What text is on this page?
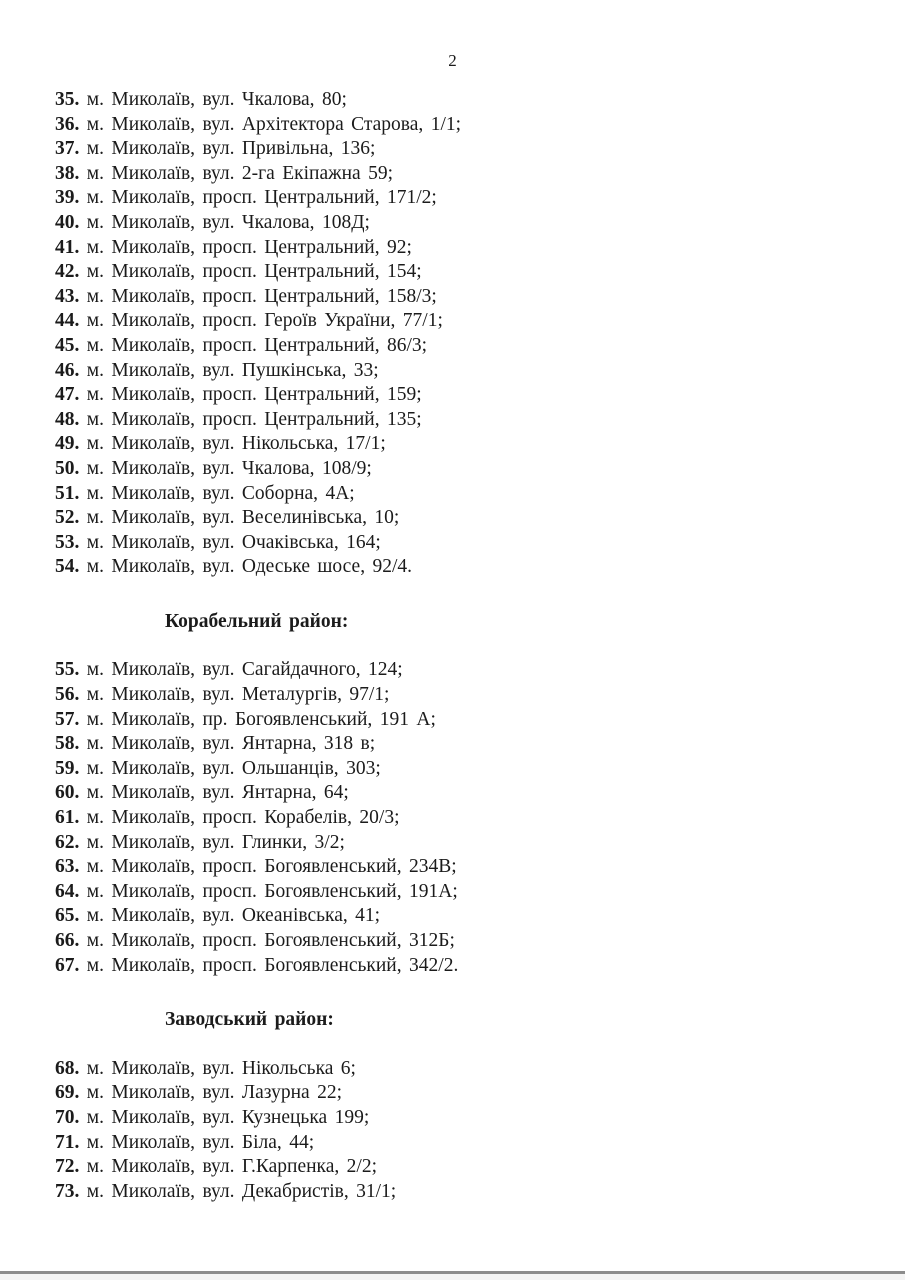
2

35. м. Миколаїв, вул. Чкалова, 80;

36. м. Миколаїв, вул. Архітектора Старова, 1/1;

37. м. Миколаїв, вул. Привільна, 136;

38. м. Миколаїв, вул. 2-га Екіпажна 59;

39. м. Миколаїв, просп. Центральний, 171/2;

40. м. Миколаїв, вул. Чкалова, 108Д;

41. м. Миколаїв, просп. Центральний, 92;

42. м. Миколаїв, просп. Центральний, 154;

43. м. Миколаїв, просп. Центральний, 158/3;

44. м. Миколаїв, просп. Героїв України, 77/1;

45. м. Миколаїв, просп. Центральний, 86/3;

46. м. Миколаїв, вул. Пушкінська, 33;

47. м. Миколаїв, просп. Центральний, 159;

48. м. Миколаїв, просп. Центральний, 135;

49. м. Миколаїв, вул. Нікольська, 17/1;

50. м. Миколаїв, вул. Чкалова, 108/9;

51. м. Миколаїв, вул. Соборна, 4А;

52. м. Миколаїв, вул. Веселинівська, 10;

53. м. Миколаїв, вул. Очаківська, 164;

54. м. Миколаїв, вул. Одеське шосе, 92/4.

Корабельний район:

55. м. Миколаїв, вул. Сагайдачного, 124;

56. м. Миколаїв, вул. Металургів, 97/1;

57. м. Миколаїв, пр. Богоявленський, 191 А;

58. м. Миколаїв, вул. Янтарна, 318 в;

59. м. Миколаїв, вул. Ольшанців, 303;

60. м. Миколаїв, вул. Янтарна, 64;

61. м. Миколаїв, просп. Корабелів, 20/3;

62. м. Миколаїв, вул. Глинки, 3/2;

63. м. Миколаїв, просп. Богоявленський, 234В;

64. м. Миколаїв, просп. Богоявленський, 191А;

65. м. Миколаїв, вул. Океанівська, 41;

66. м. Миколаїв, просп. Богоявленський, 312Б;

67. м. Миколаїв, просп. Богоявленський, 342/2.

Заводський район:

68. м. Миколаїв, вул. Нікольська 6;

69. м. Миколаїв, вул. Лазурна 22;

70. м. Миколаїв, вул. Кузнецька 199;

71. м. Миколаїв, вул. Біла, 44;

72. м. Миколаїв, вул. Г.Карпенка, 2/2;

73. м. Миколаїв, вул. Декабристів, 31/1;
